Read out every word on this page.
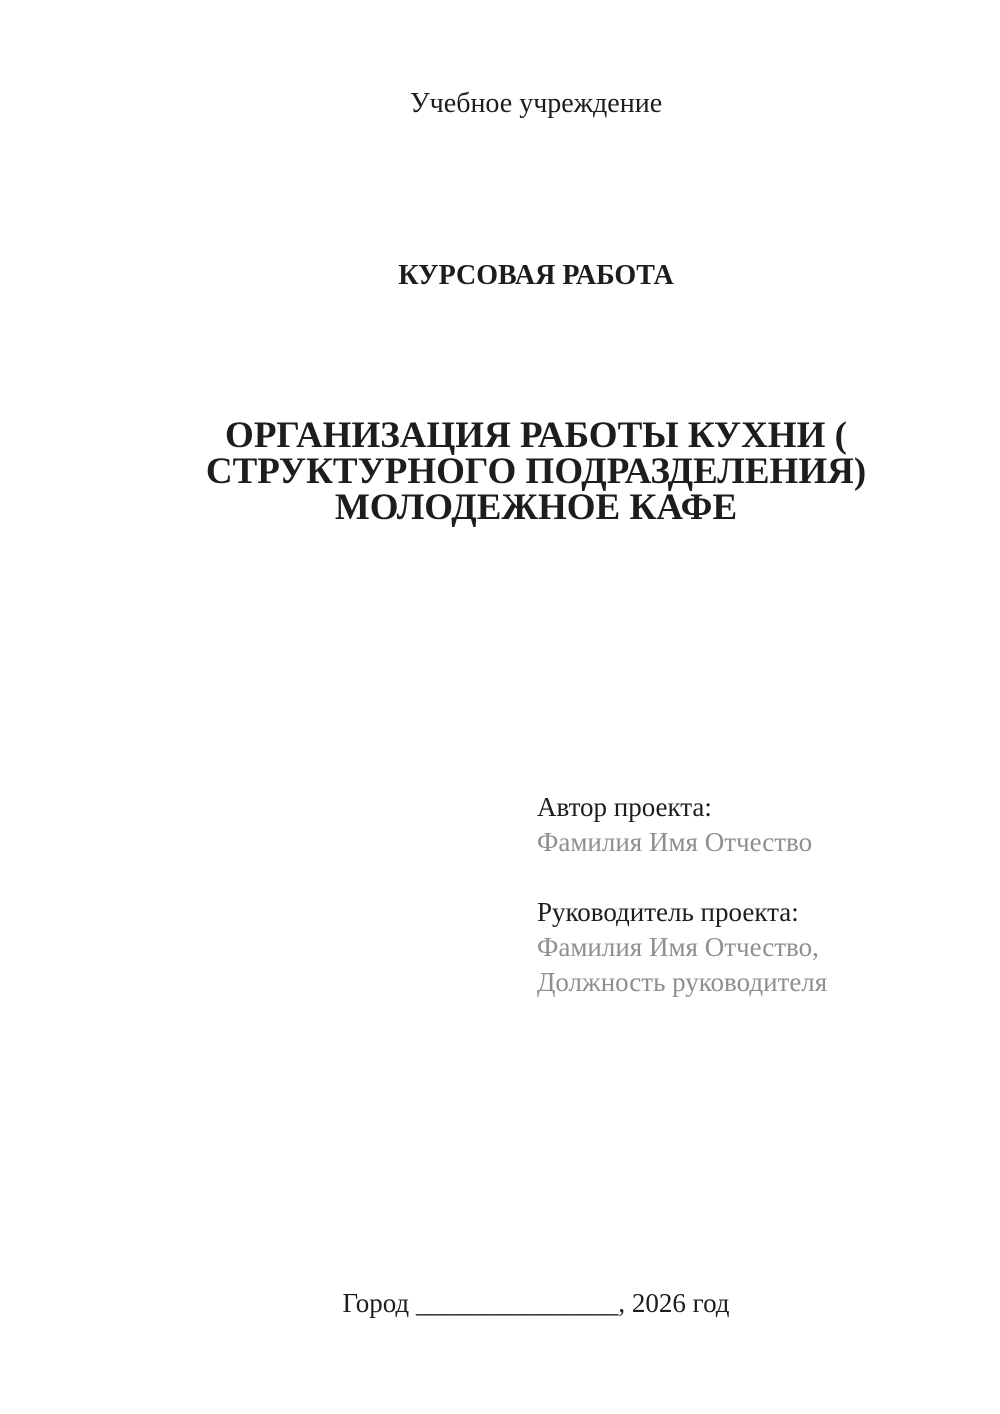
Учебное учреждение
КУРСОВАЯ РАБОТА
ОРГАНИЗАЦИЯ РАБОТЫ КУХНИ (
СТРУКТУРНОГО ПОДРАЗДЕЛЕНИЯ)
МОЛОДЕЖНОЕ КАФЕ

Автор проекта:

Фамилия Имя Отчество

Руководитель проекта:

Фамилия Имя Отчество,

Должность руководителя

Город _______________, 2026 год
